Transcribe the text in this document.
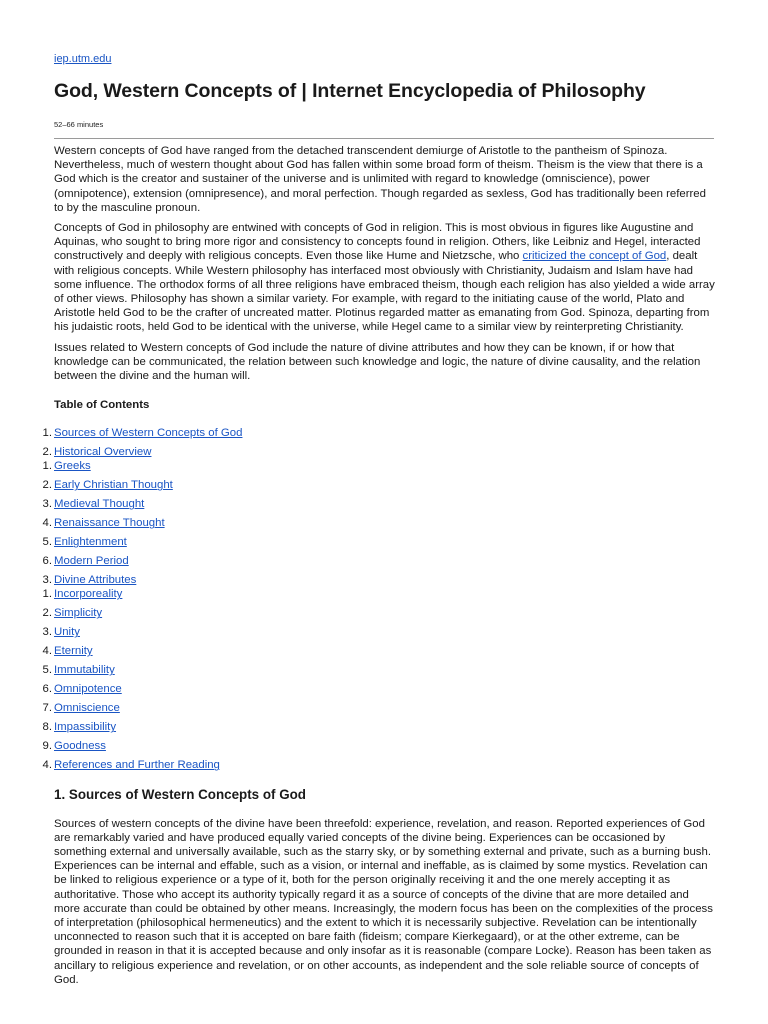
iep.utm.edu
God, Western Concepts of | Internet Encyclopedia of Philosophy
52–66 minutes

Western concepts of God have ranged from the detached transcendent demiurge of Aristotle to the pantheism of Spinoza. Nevertheless, much of western thought about God has fallen within some broad form of theism. Theism is the view that there is a God which is the creator and sustainer of the universe and is unlimited with regard to knowledge (omniscience), power (omnipotence), extension (omnipresence), and moral perfection. Though regarded as sexless, God has traditionally been referred to by the masculine pronoun.

Concepts of God in philosophy are entwined with concepts of God in religion. This is most obvious in figures like Augustine and Aquinas, who sought to bring more rigor and consistency to concepts found in religion. Others, like Leibniz and Hegel, interacted constructively and deeply with religious concepts. Even those like Hume and Nietzsche, who criticized the concept of God, dealt with religious concepts. While Western philosophy has interfaced most obviously with Christianity, Judaism and Islam have had some influence. The orthodox forms of all three religions have embraced theism, though each religion has also yielded a wide array of other views. Philosophy has shown a similar variety. For example, with regard to the initiating cause of the world, Plato and Aristotle held God to be the crafter of uncreated matter. Plotinus regarded matter as emanating from God. Spinoza, departing from his judaistic roots, held God to be identical with the universe, while Hegel came to a similar view by reinterpreting Christianity.

Issues related to Western concepts of God include the nature of divine attributes and how they can be known, if or how that knowledge can be communicated, the relation between such knowledge and logic, the nature of divine causality, and the relation between the divine and the human will.

Table of Contents
1. Sources of Western Concepts of God
2. Historical Overview
1. Greeks
2. Early Christian Thought
3. Medieval Thought
4. Renaissance Thought
5. Enlightenment
6. Modern Period
3. Divine Attributes
1. Incorporeality
2. Simplicity
3. Unity
4. Eternity
5. Immutability
6. Omnipotence
7. Omniscience
8. Impassibility
9. Goodness
4. References and Further Reading
1. Sources of Western Concepts of God

Sources of western concepts of the divine have been threefold: experience, revelation, and reason. Reported experiences of God are remarkably varied and have produced equally varied concepts of the divine being. Experiences can be occasioned by something external and universally available, such as the starry sky, or by something external and private, such as a burning bush. Experiences can be internal and effable, such as a vision, or internal and ineffable, as is claimed by some mystics. Revelation can be linked to religious experience or a type of it, both for the person originally receiving it and the one merely accepting it as authoritative. Those who accept its authority typically regard it as a source of concepts of the divine that are more detailed and more accurate than could be obtained by other means. Increasingly, the modern focus has been on the complexities of the process of interpretation (philosophical hermeneutics) and the extent to which it is necessarily subjective. Revelation can be intentionally unconnected to reason such that it is accepted on bare faith (fideism; compare Kierkegaard), or at the other extreme, can be grounded in reason in that it is accepted because and only insofar as it is reasonable (compare Locke). Reason has been taken as ancillary to religious experience and revelation, or on other accounts, as independent and the sole reliable source of concepts of God.
